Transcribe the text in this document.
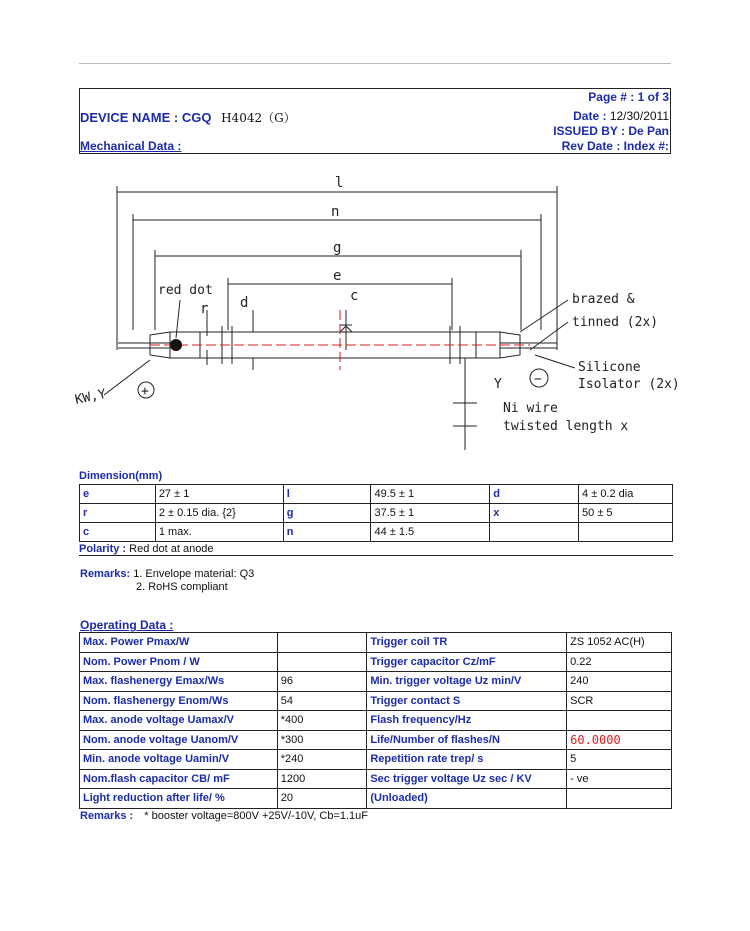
Page # : 1 of 3
DEVICE NAME : CGQ H4042（G）	Date : 12/30/2011
ISSUED BY : De Pan
Mechanical Data :	Rev Date : Index #:
l
n
g
e
c
d
r
red dot
brazed &
tinned (2x)
Silicone
Isolator (2x)
KW,Y	+	Y −
Ni wire
twisted length x
Dimension(mm)
e	27 ± 1	l	49.5 ± 1	d	4 ± 0.2 dia
r	2 ± 0.15 dia. {2}	g	37.5 ± 1	x	50 ± 5
c	1 max.	n	44 ± 1.5		
Polarity : Red dot at anode
Remarks: 1. Envelope material: Q3
2. RoHS compliant
Operating Data :
Max. Power Pmax/W		Trigger coil TR	ZS 1052 AC(H)
Nom. Power Pnom / W		Trigger capacitor Cz/mF	0.22
Max. flashenergy Emax/Ws	96	Min. trigger voltage Uz min/V	240
Nom. flashenergy Enom/Ws	54	Trigger contact S	SCR
Max. anode voltage Uamax/V	*400	Flash frequency/Hz	
Nom. anode voltage Uanom/V	*300	Life/Number of flashes/N	60.0000
Min. anode voltage Uamin/V	*240	Repetition rate trep/ s	5
Nom.flash capacitor CB/ mF	1200	Sec trigger voltage Uz sec / KV	- ve
Light reduction after life/ %	20	(Unloaded)	
Remarks : * booster voltage=800V +25V/-10V, Cb=1.1uF
